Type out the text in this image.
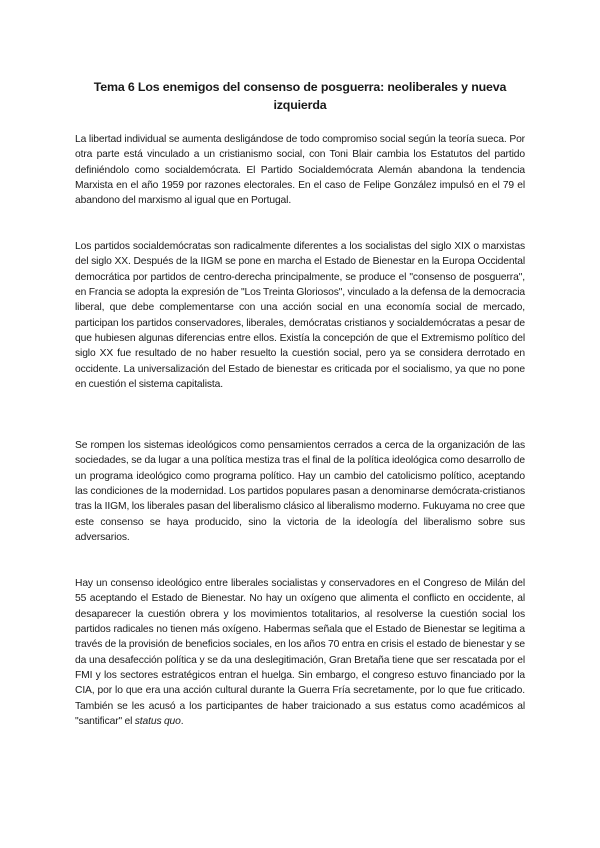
Tema 6 Los enemigos del consenso de posguerra: neoliberales y nueva izquierda

La libertad individual se aumenta desligándose de todo compromiso social según la teoría sueca. Por otra parte está vinculado a un cristianismo social, con Toni Blair cambia los Estatutos del partido definiéndolo como socialdemócrata. El Partido Socialdemócrata Alemán abandona la tendencia Marxista en el año 1959 por razones electorales. En el caso de Felipe González impulsó en el 79 el abandono del marxismo al igual que en Portugal.

Los partidos socialdemócratas son radicalmente diferentes a los socialistas del siglo XIX o marxistas del siglo XX. Después de la IIGM se pone en marcha el Estado de Bienestar en la Europa Occidental democrática por partidos de centro-derecha principalmente, se produce el "consenso de posguerra", en Francia se adopta la expresión de "Los Treinta Gloriosos", vinculado a la defensa de la democracia liberal, que debe complementarse con una acción social en una economía social de mercado, participan los partidos conservadores, liberales, demócratas cristianos y socialdemócratas a pesar de que hubiesen algunas diferencias entre ellos. Existía la concepción de que el Extremismo político del siglo XX fue resultado de no haber resuelto la cuestión social, pero ya se considera derrotado en occidente. La universalización del Estado de bienestar es criticada por el socialismo, ya que no pone en cuestión el sistema capitalista.

Se rompen los sistemas ideológicos como pensamientos cerrados a cerca de la organización de las sociedades, se da lugar a una política mestiza tras el final de la política ideológica como desarrollo de un programa ideológico como programa político. Hay un cambio del catolicismo político, aceptando las condiciones de la modernidad. Los partidos populares pasan a denominarse demócrata-cristianos tras la IIGM, los liberales pasan del liberalismo clásico al liberalismo moderno. Fukuyama no cree que este consenso se haya producido, sino la victoria de la ideología del liberalismo sobre sus adversarios.

Hay un consenso ideológico entre liberales socialistas y conservadores en el Congreso de Milán del 55 aceptando el Estado de Bienestar. No hay un oxígeno que alimenta el conflicto en occidente, al desaparecer la cuestión obrera y los movimientos totalitarios, al resolverse la cuestión social los partidos radicales no tienen más oxígeno. Habermas señala que el Estado de Bienestar se legitima a través de la provisión de beneficios sociales, en los años 70 entra en crisis el estado de bienestar y se da una desafección política y se da una deslegitimación, Gran Bretaña tiene que ser rescatada por el FMI y los sectores estratégicos entran el huelga. Sin embargo, el congreso estuvo financiado por la CIA, por lo que era una acción cultural durante la Guerra Fría secretamente, por lo que fue criticado. También se les acusó a los participantes de haber traicionado a sus estatus como académicos al "santificar" el status quo.
